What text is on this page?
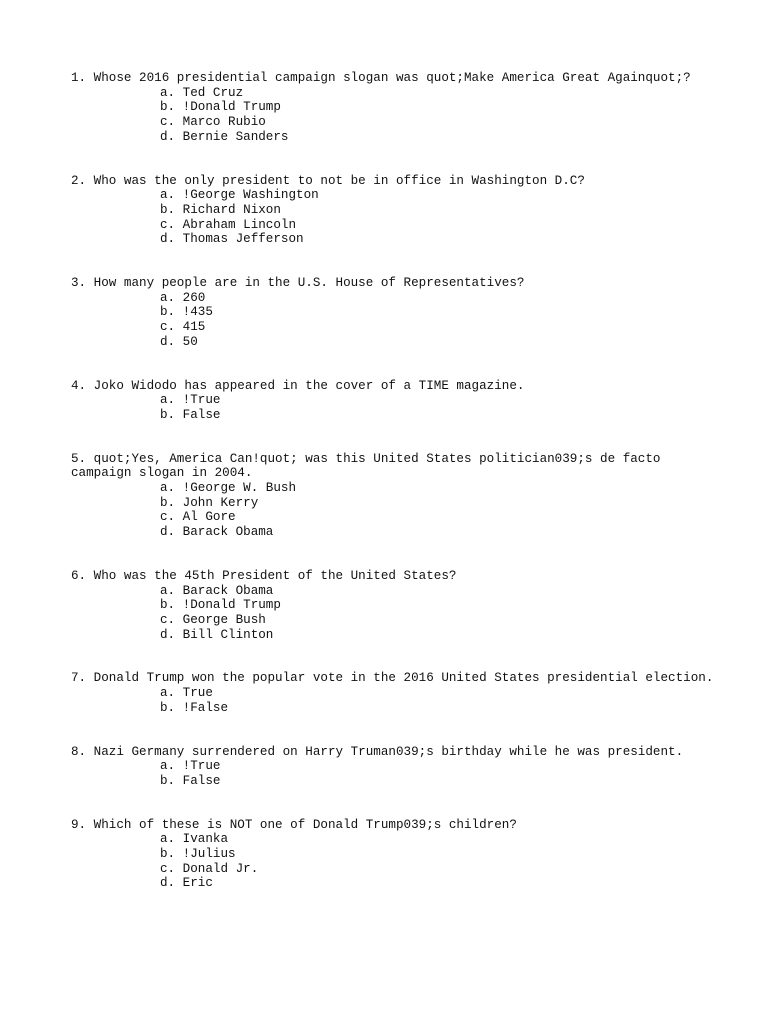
1. Whose 2016 presidential campaign slogan was quot;Make America Great Againquot;?
a. Ted Cruz
b. !Donald Trump
c. Marco Rubio
d. Bernie Sanders
2. Who was the only president to not be in office in Washington D.C?
a. !George Washington
b. Richard Nixon
c. Abraham Lincoln
d. Thomas Jefferson
3. How many people are in the U.S. House of Representatives?
a. 260
b. !435
c. 415
d. 50
4. Joko Widodo has appeared in the cover of a TIME magazine.
a. !True
b. False
5. quot;Yes, America Can!quot; was this United States politician039;s de facto campaign slogan in 2004.
a. !George W. Bush
b. John Kerry
c. Al Gore
d. Barack Obama
6. Who was the 45th President of the United States?
a. Barack Obama
b. !Donald Trump
c. George Bush
d. Bill Clinton
7. Donald Trump won the popular vote in the 2016 United States presidential election.
a. True
b. !False
8. Nazi Germany surrendered on Harry Truman039;s birthday while he was president.
a. !True
b. False
9. Which of these is NOT one of Donald Trump039;s children?
a. Ivanka
b. !Julius
c. Donald Jr.
d. Eric
